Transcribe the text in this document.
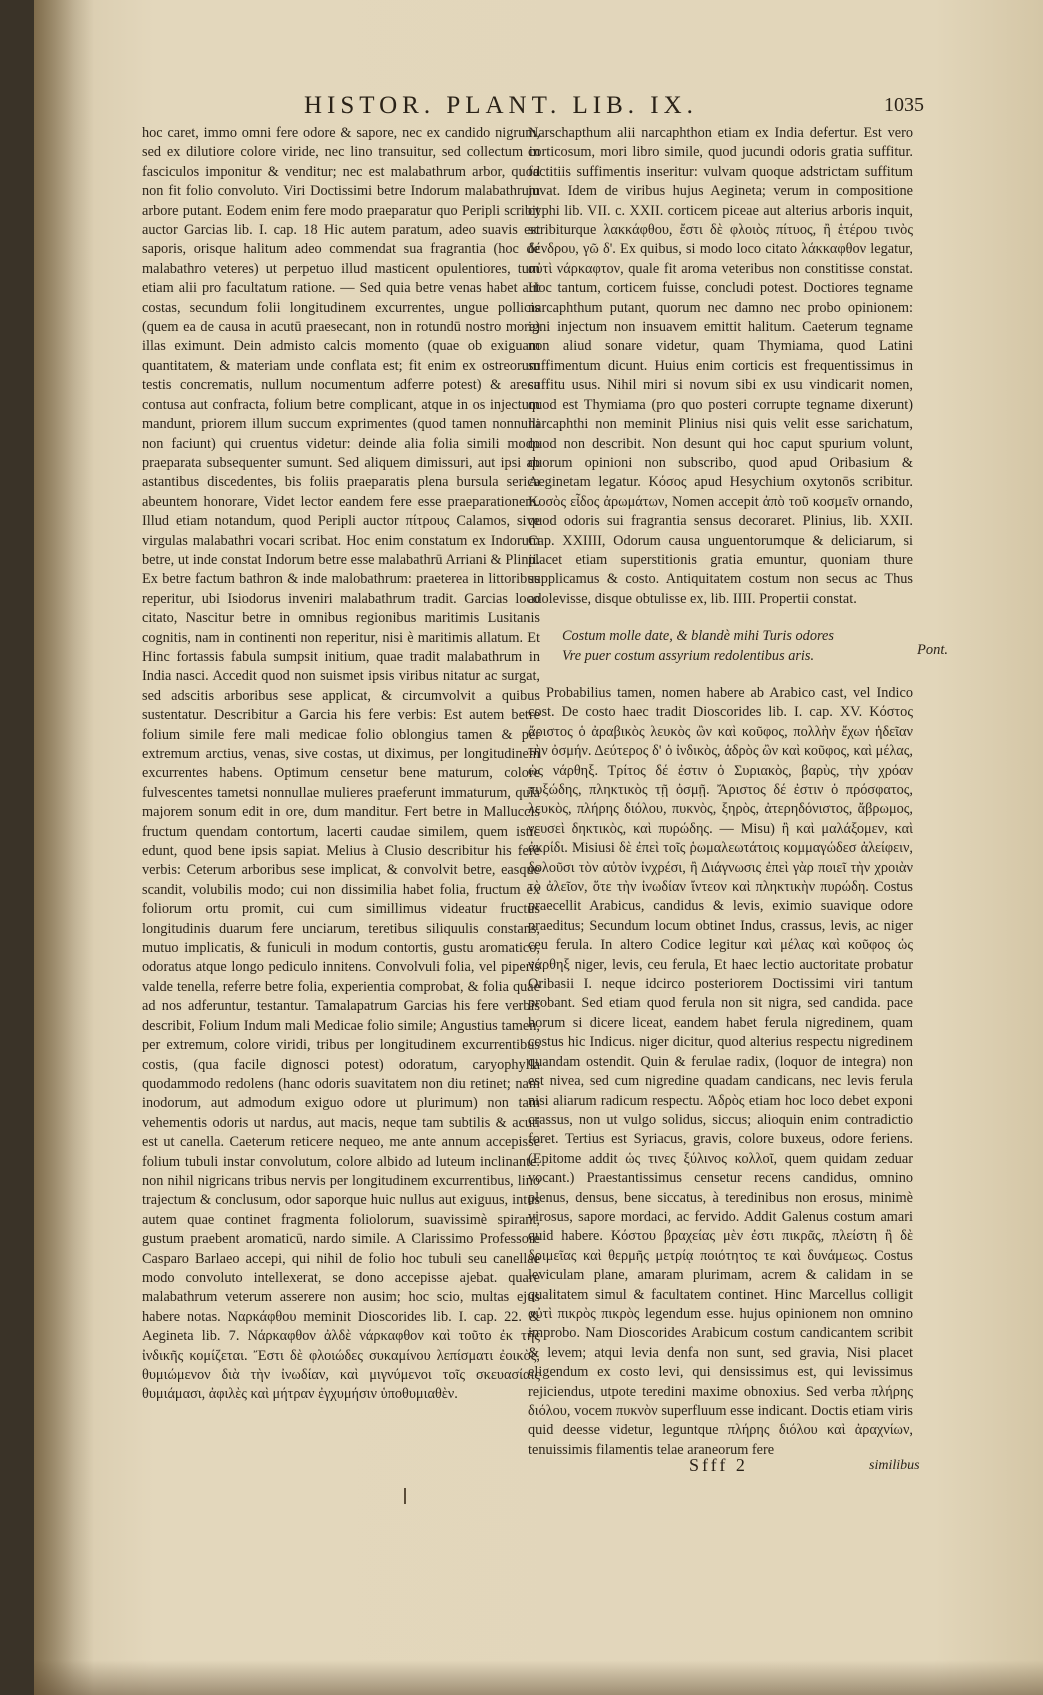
HISTOR. PLANT. LIB. IX.	1035

hoc caret, immo omni fere odore & sapore, nec ex candido nigrum, sed ex dilutiore colore viride, nec lino transuitur, sed collectum in fasciculos imponitur & venditur; nec est malabathrum arbor, quod non fit folio convoluto. Viri Doctissimi betre Indorum malabathrum arbore putant. Eodem enim fere modo praeparatur quo Peripli scribit auctor Garcias lib. I. cap. 18 Hic autem paratum, adeo suavis est saporis, orisque halitum adeo commendat sua fragrantia (hoc de malabathro veteres) ut perpetuo illud masticent opulentiores, tum etiam alii pro facultatum ratione. — Sed quia betre venas habet aut costas, secundum folii longitudinem excurrentes, ungue pollicis (quem ea de causa in acutū praesecant, non in rotundū nostro more) illas eximunt. Dein admisto calcis momento (quae ob exiguam quantitatem, & materiam unde conflata est; fit enim ex ostreorum testis concrematis, nullum nocumentum adferre potest) & areca contusa aut confracta, folium betre complicant, atque in os injectum mandunt, priorem illum succum exprimentes (quod tamen nonnulli non faciunt) qui cruentus videtur: deinde alia folia simili modo praeparata subsequenter sumunt. Sed aliquem dimissuri, aut ipsi ab astantibus discedentes, bis foliis praeparatis plena bursula serica abeuntem honorare, Videt lector eandem fere esse praeparationem. Illud etiam notandum, quod Peripli auctor πίτρους Calamos, sive virgulas malabathri vocari scribat. Hoc enim constatum ex Indorum betre, ut inde constat Indorum betre esse malabathrū Arriani & Plinii. Ex betre factum bathron & inde malobathrum: praeterea in littoribus reperitur, ubi Isiodorus inveniri malabathrum tradit. Garcias loco citato, Nascitur betre in omnibus regionibus maritimis Lusitanis cognitis, nam in continenti non reperitur, nisi è maritimis allatum. Et Hinc fortassis fabula sumpsit initium, quae tradit malabathrum in India nasci. Accedit quod non suismet ipsis viribus nitatur ac surgat, sed adscitis arboribus sese applicat, & circumvolvit a quibus sustentatur. Describitur a Garcia his fere verbis: Est autem betre folium simile fere mali medicae folio oblongius tamen & per extremum arctius, venas, sive costas, ut diximus, per longitudinem excurrentes habens. Optimum censetur bene maturum, colore fulvescentes tametsi nonnullae mulieres praeferunt immaturum, quia majorem sonum edit in ore, dum manditur. Fert betre in Malluccis fructum quendam contortum, lacerti caudae similem, quem istic edunt, quod bene ipsis sapiat. Melius à Clusio describitur his fere verbis: Ceterum arboribus sese implicat, & convolvit betre, easque scandit, volubilis modo; cui non dissimilia habet folia, fructum ex foliorum ortu promit, cui cum simillimus videatur fructus longitudinis duarum fere unciarum, teretibus siliquulis constans, mutuo implicatis, & funiculi in modum contortis, gustu aromatico, odoratus atque longo pediculo innitens. Convolvuli folia, vel piperis valde tenella, referre betre folia, experientia comprobat, & folia quae ad nos adferuntur, testantur. Tamalapatrum Garcias his fere verbis describit, Folium Indum mali Medicae folio simile; Angustius tamen, per extremum, colore viridi, tribus per longitudinem excurrentibus costis, (qua facile dignosci potest) odoratum, caryophylla quodammodo redolens (hanc odoris suavitatem non diu retinet; nam inodorum, aut admodum exiguo odore ut plurimum) non tam vehementis odoris ut nardus, aut macis, neque tam subtilis & acuti est ut canella. Caeterum reticere nequeo, me ante annum accepisse folium tubuli instar convolutum, colore albido ad luteum inclinante. non nihil nigricans tribus nervis per longitudinem excurrentibus, lino trajectum & conclusum, odor saporque huic nullus aut exiguus, intus autem quae continet fragmenta foliolorum, suavissimè spirant, gustum praebent aromaticū, nardo simile. A Clarissimo Professore Casparo Barlaeo accepi, qui nihil de folio hoc tubuli seu canellae modo convoluto intellexerat, se dono accepisse ajebat. quare malabathrum veterum asserere non ausim; hoc scio, multas ejus habere notas. Ναρκάφθου meminit Dioscorides lib. I. cap. 22. & Aegineta lib. 7. Νάρκαφθον ἀλδὲ νάρκαφθον καὶ τοῦτο ἐκ τῆς ἰνδικῆς κομίζεται. Ἔστι δὲ φλοιώδες συκαμίνου λεπίσματι ἐοικὸς, θυμιώμενον διὰ τὴν ἰνωδίαν, καὶ μιγνύμενοι τοῖς σκευασίαις θυμιάμασι, ἀφιλὲς καὶ μήτραν ἐγχυμήσιν ὑποθυμιαθὲν.

Narschapthum alii narcaphthon etiam ex India defertur. Est vero corticosum, mori libro simile, quod jucundi odoris gratia suffitur. factitiis suffimentis inseritur: vulvam quoque adstrictam suffitum juvat. Idem de viribus hujus Aegineta; verum in compositione cyphi lib. VII. c. XXII. corticem piceae aut alterius arboris inquit, scribiturque λακκάφθου, ἔστι δὲ φλοιὸς πίτυος, ἢ ἑτέρου τινὸς δένδρου, γῶ δ'. Ex quibus, si modo loco citato λάκκαφθον legatur, αὐτὶ νάρκαφτον, quale fit aroma veteribus non constitisse constat. Hoc tantum, corticem fuisse, concludi potest. Doctiores tegname narcaphthum putant, quorum nec damno nec probo opinionem: igni injectum non insuavem emittit halitum. Caeterum tegname non aliud sonare videtur, quam Thymiama, quod Latini suffimentum dicunt. Huius enim corticis est frequentissimus in suffitu usus. Nihil miri si novum sibi ex usu vindicarit nomen, quod est Thymiama (pro quo posteri corrupte tegname dixerunt) narcaphthi non meminit Plinius nisi quis velit esse sarichatum, quod non describit. Non desunt qui hoc caput spurium volunt, quorum opinioni non subscribo, quod apud Oribasium & Aeginetam legatur. Κόσος apud Hesychium oxytonōs scribitur. Κοσὸς εἶδος ἀρωμάτων, Nomen accepit ἀπὸ τοῦ κοσμεῖν ornando, quod odoris sui fragrantia sensus decoraret. Plinius, lib. XXII. Cap. XXIIII, Odorum causa unguentorumque & deliciarum, si placet etiam superstitionis gratia emuntur, quoniam thure supplicamus & costo. Antiquitatem costum non secus ac Thus adolevisse, disque obtulisse ex, lib. IIII. Propertii constat.

Costum molle date, & blandè mihi Turis odores

Vre puer costum assyrium redolentibus aris.

Probabilius tamen, nomen habere ab Arabico cast, vel Indico cost. De costo haec tradit Dioscorides lib. I. cap. XV. Κόστος ἄριστος ὁ ἀραβικὸς λευκὸς ὢν καὶ κοῦφος, πολλὴν ἔχων ἡδεῖαν τὴν ὀσμήν. Δεύτερος δ' ὁ ἰνδικὸς, ἁδρὸς ὢν καὶ κοῦφος, καὶ μέλας, ὡς νάρθηξ. Τρίτος δέ ἐστιν ὁ Συριακὸς, βαρὺς, τὴν χρόαν πυξώδης, πληκτικὸς τῇ ὀσμῇ. Ἄριστος δέ ἐστιν ὁ πρόσφατος, λευκὸς, πλήρης διόλου, πυκνὸς, ξηρὸς, ἀτερηδόνιστος, ἄβρωμος, γευσεὶ δηκτικὸς, καὶ πυρώδης. — Misu) ἢ καὶ μαλάξομεν, καὶ ἀκρίδι. Misiusi δὲ ἐπεὶ τοῖς ῥωμαλεωτάτοις κομμαγώδεσ ἀλείφειν, δολοῦσι τὸν αὐτὸν ἰνχρέσι, ἢ Διάγνωσις ἐπεὶ γὰρ ποιεῖ τὴν χροιὰν τὸ ἀλεῖον, ὅτε τὴν ἰνωδίαν ἴντεον καὶ πληκτικὴν πυρώδη. Costus praecellit Arabicus, candidus & levis, eximio suavique odore praeditus; Secundum locum obtinet Indus, crassus, levis, ac niger ceu ferula. In altero Codice legitur καὶ μέλας καὶ κοῦφος ὡς νάρθηξ niger, levis, ceu ferula, Et haec lectio auctoritate probatur Oribasii I. neque idcirco posteriorem Doctissimi viri tantum probant. Sed etiam quod ferula non sit nigra, sed candida. pace horum si dicere liceat, eandem habet ferula nigredinem, quam costus hic Indicus. niger dicitur, quod alterius respectu nigredinem quandam ostendit. Quin & ferulae radix, (loquor de integra) non est nivea, sed cum nigredine quadam candicans, nec levis ferula nisi aliarum radicum respectu. Ἁδρὸς etiam hoc loco debet exponi crassus, non ut vulgo solidus, siccus; alioquin enim contradictio foret. Tertius est Syriacus, gravis, colore buxeus, odore feriens. (Epitome addit ὡς τινες ξύλινος κολλοῖ, quem quidam zeduar vocant.) Praestantissimus censetur recens candidus, omnino plenus, densus, bene siccatus, à teredinibus non erosus, minimè virosus, sapore mordaci, ac fervido. Addit Galenus costum amari quid habere. Κόστου βραχείας μὲν ἐστι πικρᾶς, πλείστη ἢ δὲ δριμεῖας καὶ θερμῆς μετρίᾳ ποιότητος τε καὶ δυνάμεως. Costus leviculam plane, amaram plurimam, acrem & calidam in se qualitatem simul & facultatem continet. Hinc Marcellus colligit αὐτὶ πικρὸς πικρὸς legendum esse. hujus opinionem non omnino improbo. Nam Dioscorides Arabicum costum candicantem scribit & levem; atqui levia denfa non sunt, sed gravia, Nisi placet eligendum ex costo levi, qui densissimus est, qui levissimus rejiciendus, utpote teredini maxime obnoxius. Sed verba πλήρης διόλου, vocem πυκνὸν superfluum esse indicant. Doctis etiam viris quid deesse videtur, leguntque πλήρης διόλου καὶ ἀραχνίων, tenuissimis filamentis telae araneorum fere

Pont.
Sfff 2	similibus
